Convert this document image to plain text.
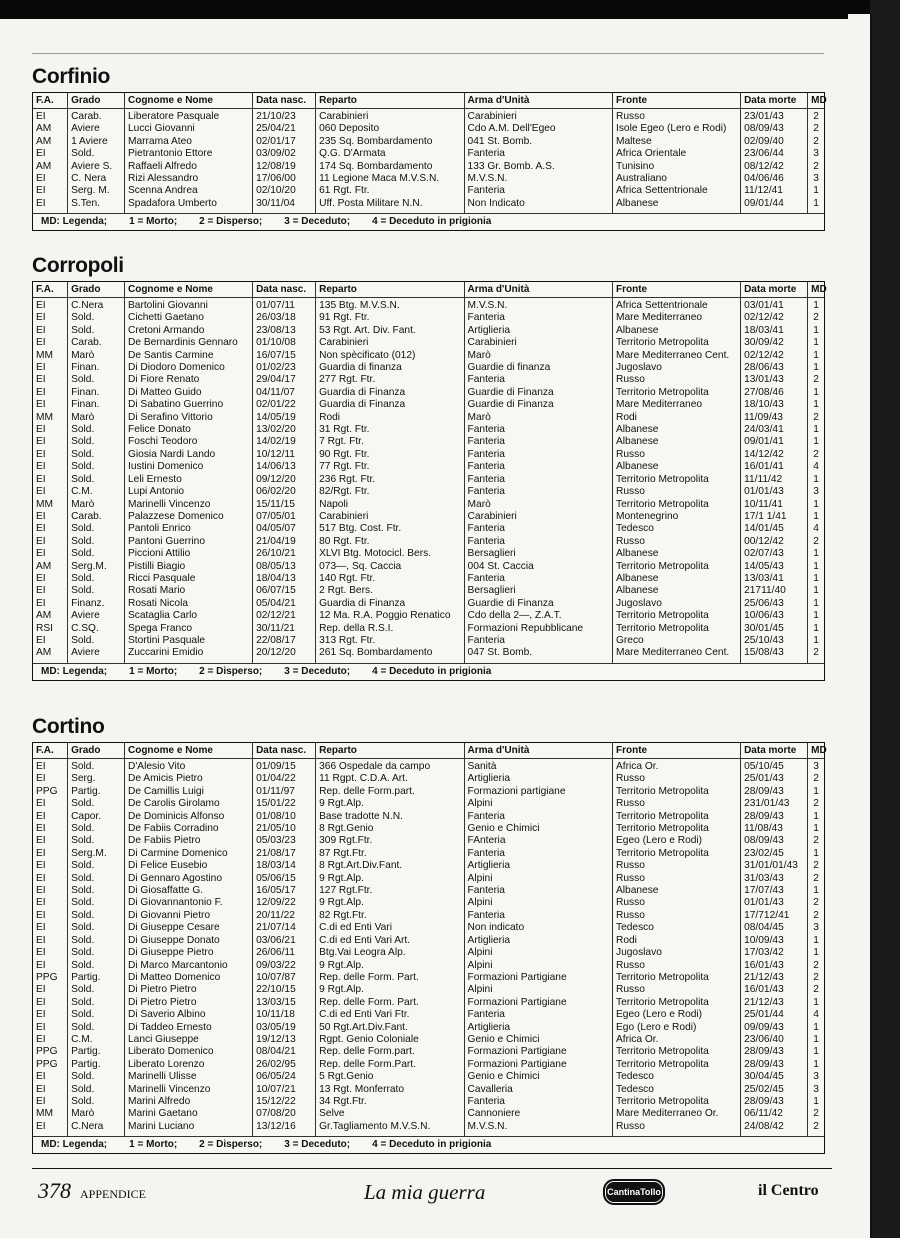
Corfinio
F.A.	Grado	Cognome e Nome	Data nasc.	Reparto	Arma d'Unità	Fronte	Data morte	MD
EI	Carab.	Liberatore Pasquale	21/10/23	Carabinieri	Carabinieri	Russo	23/01/43	2
AM	Aviere	Lucci Giovanni	25/04/21	060 Deposito	Cdo A.M. Dell'Egeo	Isole Egeo (Lero e Rodi)	08/09/43	2
AM	1 Aviere	Marrama Ateo	02/01/17	235 Sq. Bombardamento	041 St. Bomb.	Maltese	02/09/40	2
EI	Sold.	Pietrantonio Ettore	03/09/02	Q.G. D'Armata	Fanteria	Africa Orientale	23/06/44	3
AM	Aviere S.	Raffaeli Alfredo	12/08/19	174 Sq. Bombardamento	133 Gr. Bomb. A.S.	Tunisino	08/12/42	2
EI	C. Nera	Rizi Alessandro	17/06/00	11 Legione Maca M.V.S.N.	M.V.S.N.	Australiano	04/06/46	3
EI	Serg. M.	Scenna Andrea	02/10/20	61 Rgt. Ftr.	Fanteria	Africa Settentrionale	11/12/41	1
EI	S.Ten.	Spadafora Umberto	30/11/04	Uff. Posta Militare N.N.	Non Indicato	Albanese	09/01/44	1
MD: Legenda; 1 = Morto; 2 = Disperso; 3 = Deceduto; 4 = Deceduto in prigionia
Corropoli
F.A.	Grado	Cognome e Nome	Data nasc.	Reparto	Arma d'Unità	Fronte	Data morte	MD
EI	C.Nera	Bartolini Giovanni	01/07/11	135 Btg. M.V.S.N.	M.V.S.N.	Africa Settentrionale	03/01/41	1
EI	Sold.	Cichetti Gaetano	26/03/18	91 Rgt. Ftr.	Fanteria	Mare Mediterraneo	02/12/42	2
EI	Sold.	Cretoni Armando	23/08/13	53 Rgt. Art. Div. Fant.	Artiglieria	Albanese	18/03/41	1
EI	Carab.	De Bernardinis Gennaro	01/10/08	Carabinieri	Carabinieri	Territorio Metropolita	30/09/42	1
MM	Marò	De Santis Carmine	16/07/15	Non spècificato (012)	Marò	Mare Mediterraneo Cent.	02/12/42	1
EI	Finan.	Di Diodoro Domenico	01/02/23	Guardia di finanza	Guardie di finanza	Jugoslavo	28/06/43	1
EI	Sold.	Di Fiore Renato	29/04/17	277 Rgt. Ftr.	Fanteria	Russo	13/01/43	2
EI	Finan.	Di Matteo Guido	04/11/07	Guardia di Finanza	Guardie di Finanza	Territorio Metropolita	27/08/46	1
EI	Finan.	Di Sabatino Guerrino	02/01/22	Guardia di Finanza	Guardie di Finanza	Mare Mediterraneo	18/10/43	1
MM	Marò	Di Serafino Vittorio	14/05/19	Rodi	Marò	Rodi	11/09/43	2
EI	Sold.	Felice Donato	13/02/20	31 Rgt. Ftr.	Fanteria	Albanese	24/03/41	1
EI	Sold.	Foschi Teodoro	14/02/19	7 Rgt. Ftr.	Fanteria	Albanese	09/01/41	1
EI	Sold.	Giosia Nardi Lando	10/12/11	90 Rgt. Ftr.	Fanteria	Russo	14/12/42	2
EI	Sold.	Iustini Domenico	14/06/13	77 Rgt. Ftr.	Fanteria	Albanese	16/01/41	4
EI	Sold.	Leli Ernesto	09/12/20	236 Rgt. Ftr.	Fanteria	Territorio Metropolita	11/11/42	1
EI	C.M.	Lupi Antonio	06/02/20	82/Rgt. Ftr.	Fanteria	Russo	01/01/43	3
MM	Marò	Marinelli Vincenzo	15/11/15	Napoli	Marò	Territorio Metropolita	10/11/41	1
EI	Carab.	Palazzese Domenico	07/05/01	Carabinieri	Carabinieri	Montenegrino	17/1 1/41	1
EI	Sold.	Pantoli Enrico	04/05/07	517 Btg. Cost. Ftr.	Fanteria	Tedesco	14/01/45	4
EI	Sold.	Pantoni Guerrino	21/04/19	80 Rgt. Ftr.	Fanteria	Russo	00/12/42	2
EI	Sold.	Piccioni Attilio	26/10/21	XLVI Btg. Motocicl. Bers.	Bersaglieri	Albanese	02/07/43	1
AM	Serg.M.	Pistilli Biagio	08/05/13	073—, Sq. Caccia	004 St. Caccia	Territorio Metropolita	14/05/43	1
EI	Sold.	Ricci Pasquale	18/04/13	140 Rgt. Ftr.	Fanteria	Albanese	13/03/41	1
EI	Sold.	Rosati Mario	06/07/15	2 Rgt. Bers.	Bersaglieri	Albanese	21711/40	1
EI	Finanz.	Rosati Nicola	05/04/21	Guardia di Finanza	Guardie di Finanza	Jugoslavo	25/06/43	1
AM	Aviere	Scataglia Carlo	02/12/21	12 Ma. R.A. Poggio Renatico	Cdo della 2—, Z.A.T.	Territorio Metropolita	10/06/43	1
RSI	C.SQ.	Spega Franco	30/11/21	Rep. della R.S.I.	Formazioni Repubblicane	Territorio Metropolita	30/01/45	1
EI	Sold.	Stortini Pasquale	22/08/17	313 Rgt. Ftr.	Fanteria	Greco	25/10/43	1
AM	Aviere	Zuccarini Emidio	20/12/20	261 Sq. Bombardamento	047 St. Bomb.	Mare Mediterraneo Cent.	15/08/43	2
MD: Legenda; 1 = Morto; 2 = Disperso; 3 = Deceduto; 4 = Deceduto in prigionia
Cortino
F.A.	Grado	Cognome e Nome	Data nasc.	Reparto	Arma d'Unità	Fronte	Data morte	MD
EI	Sold.	D'Alesio Vito	01/09/15	366 Ospedale da campo	Sanità	Africa Or.	05/10/45	3
EI	Serg.	De Amicis Pietro	01/04/22	11 Rgpt. C.D.A. Art.	Artiglieria	Russo	25/01/43	2
PPG	Partig.	De Camillis Luigi	01/11/97	Rep. delle Form.part.	Formazioni partigiane	Territorio Metropolita	28/09/43	1
EI	Sold.	De Carolis Girolamo	15/01/22	9 Rgt.Alp.	Alpini	Russo	231/01/43	2
EI	Capor.	De Dominicis Alfonso	01/08/10	Base tradotte N.N.	Fanteria	Territorio Metropolita	28/09/43	1
EI	Sold.	De Fabiis Corradino	21/05/10	8 Rgt.Genio	Genio e Chimici	Territorio Metropolita	11/08/43	1
EI	Sold.	De Fabiis Pietro	05/03/23	309 Rgt.Ftr.	FAnteria	Egeo (Lero e Rodi)	08/09/43	2
EI	Serg.M.	Di Carmine Domenico	21/08/17	87 Rgt.Ftr.	Fanteria	Territorio Metropolita	23/02/45	1
EI	Sold.	Di Felice Eusebio	18/03/14	8 Rgt.Art.Div.Fant.	Artiglieria	Russo	31/01/01/43	2
EI	Sold.	Di Gennaro Agostino	05/06/15	9 Rgt.Alp.	Alpini	Russo	31/03/43	2
EI	Sold.	Di Giosaffatte G.	16/05/17	127 Rgt.Ftr.	Fanteria	Albanese	17/07/43	1
EI	Sold.	Di Giovannantonio F.	12/09/22	9 Rgt.Alp.	Alpini	Russo	01/01/43	2
EI	Sold.	Di Giovanni Pietro	20/11/22	82 Rgt.Ftr.	Fanteria	Russo	17/712/41	2
EI	Sold.	Di Giuseppe Cesare	21/07/14	C.di ed Enti Vari	Non indicato	Tedesco	08/04/45	3
EI	Sold.	Di Giuseppe Donato	03/06/21	C.di ed Enti Vari Art.	Artiglieria	Rodi	10/09/43	1
EI	Sold.	Di Giuseppe Pietro	26/06/11	Btg.Vai Leogra Alp.	Alpini	Jugoslavo	17/03/42	1
EI	Sold.	Di Marco Marcantonio	09/03/22	9 Rgt.Alp.	Alpini	Russo	16/01/43	2
PPG	Partig.	Di Matteo Domenico	10/07/87	Rep. delle Form. Part.	Formazioni Partigiane	Territorio Metropolita	21/12/43	2
EI	Sold.	Di Pietro Pietro	22/10/15	9 Rgt.Alp.	Alpini	Russo	16/01/43	2
EI	Sold.	Di Pietro Pietro	13/03/15	Rep. delle Form. Part.	Formazioni Partigiane	Territorio Metropolita	21/12/43	1
EI	Sold.	Di Saverio Albino	10/11/18	C.di ed Enti Vari Ftr.	Fanteria	Egeo (Lero e Rodi)	25/01/44	4
EI	Sold.	Di Taddeo Ernesto	03/05/19	50 Rgt.Art.Div.Fant.	Artiglieria	Ego (Lero e Rodi)	09/09/43	1
EI	C.M.	Lanci Giuseppe	19/12/13	Rgpt. Genio Coloniale	Genio e Chimici	Africa Or.	23/06/40	1
PPG	Partig.	Liberato Domenico	08/04/21	Rep. delle Form.part.	Formazioni Partigiane	Territorio Metropolita	28/09/43	1
PPG	Partig.	Liberato Lorenzo	26/02/95	Rep. delle Form.Part.	Formazioni Partigiane	Territorio Metropolita	28/09/43	1
EI	Sold.	Marinelli Ulisse	06/05/24	5 Rgt.Genio	Genio e Chimici	Tedesco	30/04/45	3
EI	Sold.	Marinelli Vincenzo	10/07/21	13 Rgt. Monferrato	Cavalleria	Tedesco	25/02/45	3
EI	Sold.	Marini Alfredo	15/12/22	34 Rgt.Ftr.	Fanteria	Territorio Metropolita	28/09/43	1
MM	Marò	Marini Gaetano	07/08/20	Selve	Cannoniere	Mare Mediterraneo Or.	06/11/42	2
EI	C.Nera	Marini Luciano	13/12/16	Gr.Tagliamento M.V.S.N.	M.V.S.N.	Russo	24/08/42	2
MD: Legenda; 1 = Morto; 2 = Disperso; 3 = Deceduto; 4 = Deceduto in prigionia
378 APPENDICE	La mia guerra	CantinaTollo	il Centro
